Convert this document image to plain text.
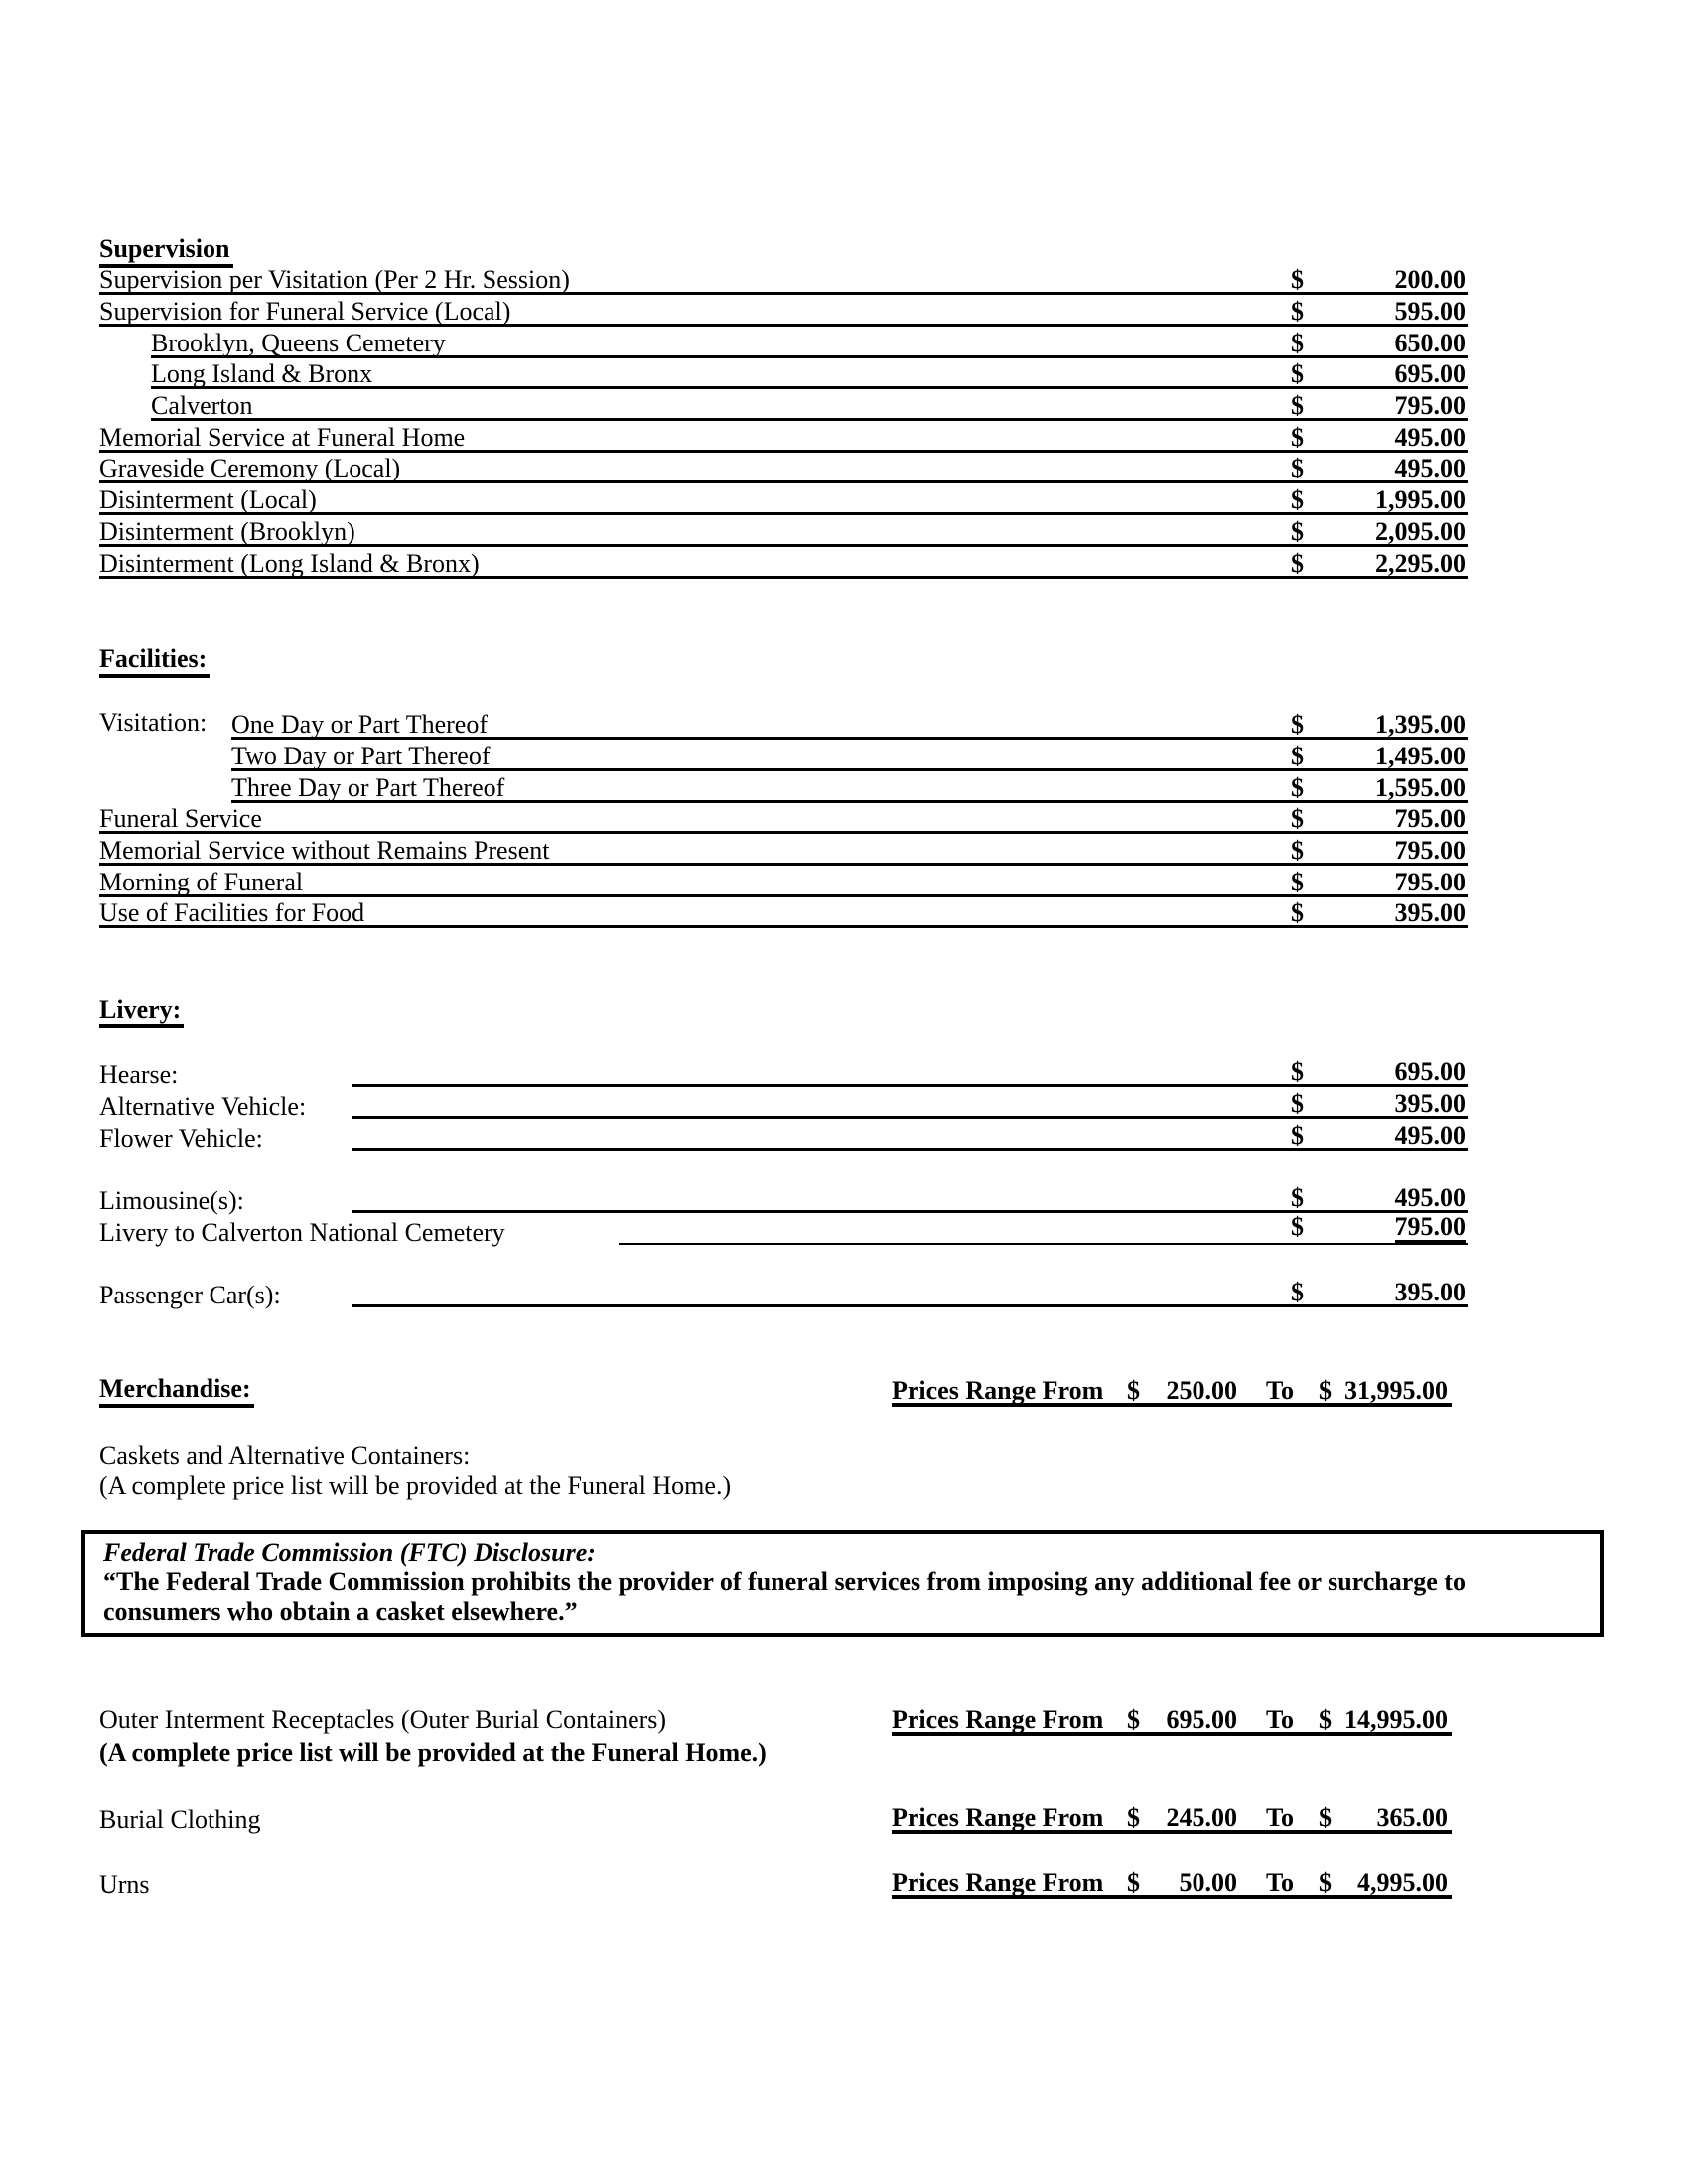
Supervision
Supervision per Visitation (Per 2 Hr. Session)	$	200.00
Supervision for Funeral Service (Local)	$	595.00
Brooklyn, Queens Cemetery	$	650.00
Long Island & Bronx	$	695.00
Calverton	$	795.00
Memorial Service at Funeral Home	$	495.00
Graveside Ceremony (Local)	$	495.00
Disinterment (Local)	$	1,995.00
Disinterment (Brooklyn)	$	2,095.00
Disinterment (Long Island & Bronx)	$	2,295.00
Facilities:
Visitation: One Day or Part Thereof	$	1,395.00
Two Day or Part Thereof	$	1,495.00
Three Day or Part Thereof	$	1,595.00
Funeral Service	$	795.00
Memorial Service without Remains Present	$	795.00
Morning of Funeral	$	795.00
Use of Facilities for Food	$	395.00
Livery:
Hearse:	$	695.00
Alternative Vehicle:	$	395.00
Flower Vehicle:	$	495.00
Limousine(s):	$	495.00
Livery to Calverton National Cemetery	$	795.00
Passenger Car(s):	$	395.00
Merchandise:	Prices Range From $	250.00 To $ 31,995.00
Caskets and Alternative Containers:
(A complete price list will be provided at the Funeral Home.)
Federal Trade Commission (FTC) Disclosure:
“The Federal Trade Commission prohibits the provider of funeral services from imposing any additional fee or surcharge to consumers who obtain a casket elsewhere.”
Outer Interment Receptacles (Outer Burial Containers)	Prices Range From $	695.00 To $ 14,995.00
(A complete price list will be provided at the Funeral Home.)
Burial Clothing	Prices Range From $	245.00 To $	365.00
Urns	Prices Range From $	50.00 To $	4,995.00
